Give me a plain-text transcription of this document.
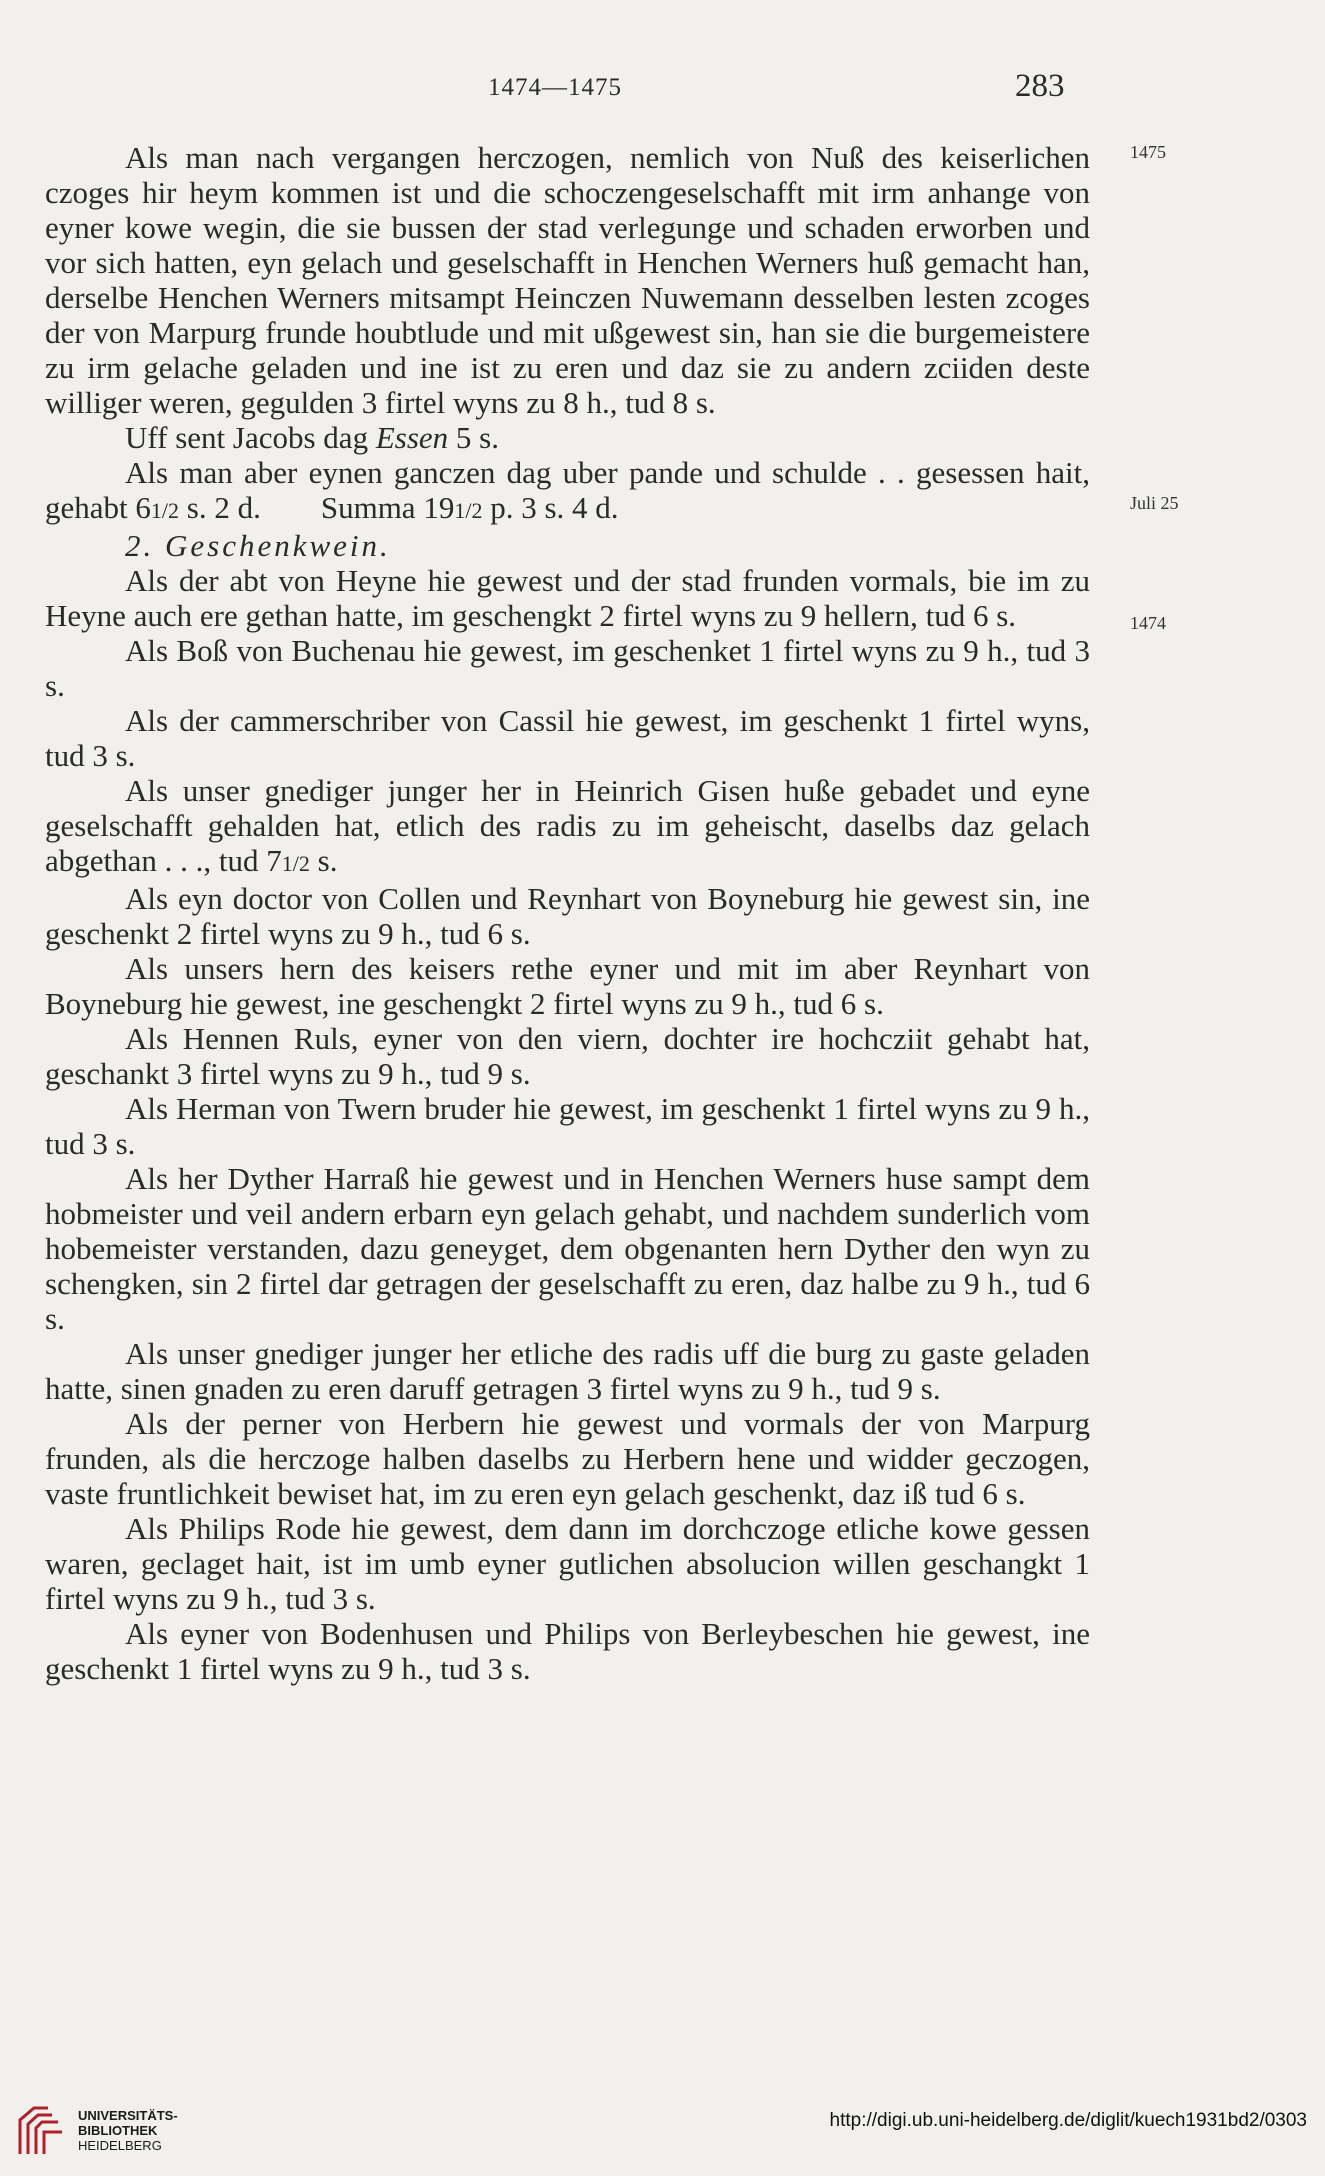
1474—1475	283
1475
Juli 25
1474

Als man nach vergangen herczogen, nemlich von Nuß des keiserlichen czoges hir heym kommen ist und die schoczengeselschafft mit irm anhange von eyner kowe wegin, die sie bussen der stad verlegunge und schaden erworben und vor sich hatten, eyn gelach und geselschafft in Henchen Werners huß gemacht han, derselbe Henchen Werners mitsampt Heinczen Nuwemann desselben lesten zcoges der von Marpurg frunde houbtlude und mit ußgewest sin, han sie die burgemeistere zu irm gelache geladen und ine ist zu eren und daz sie zu andern zciiden deste williger weren, gegulden 3 firtel wyns zu 8 h., tud 8 s.

Uff sent Jacobs dag Essen 5 s.

Als man aber eynen ganczen dag uber pande und schulde . . gesessen hait, gehabt 61/2 s. 2 d. Summa 191/2 p. 3 s. 4 d.

2. Geschenkwein.

Als der abt von Heyne hie gewest und der stad frunden vormals, bie im zu Heyne auch ere gethan hatte, im geschengkt 2 firtel wyns zu 9 hellern, tud 6 s.

Als Boß von Buchenau hie gewest, im geschenket 1 firtel wyns zu 9 h., tud 3 s.

Als der cammerschriber von Cassil hie gewest, im geschenkt 1 firtel wyns, tud 3 s.

Als unser gnediger junger her in Heinrich Gisen huße gebadet und eyne geselschafft gehalden hat, etlich des radis zu im geheischt, daselbs daz gelach abgethan . . ., tud 71/2 s.

Als eyn doctor von Collen und Reynhart von Boyneburg hie gewest sin, ine geschenkt 2 firtel wyns zu 9 h., tud 6 s.

Als unsers hern des keisers rethe eyner und mit im aber Reynhart von Boyneburg hie gewest, ine geschengkt 2 firtel wyns zu 9 h., tud 6 s.

Als Hennen Ruls, eyner von den viern, dochter ire hochcziit gehabt hat, geschankt 3 firtel wyns zu 9 h., tud 9 s.

Als Herman von Twern bruder hie gewest, im geschenkt 1 firtel wyns zu 9 h., tud 3 s.

Als her Dyther Harraß hie gewest und in Henchen Werners huse sampt dem hobmeister und veil andern erbarn eyn gelach gehabt, und nachdem sunderlich vom hobemeister verstanden, dazu geneyget, dem obgenanten hern Dyther den wyn zu schengken, sin 2 firtel dar getragen der geselschafft zu eren, daz halbe zu 9 h., tud 6 s.

Als unser gnediger junger her etliche des radis uff die burg zu gaste geladen hatte, sinen gnaden zu eren daruff getragen 3 firtel wyns zu 9 h., tud 9 s.

Als der perner von Herbern hie gewest und vormals der von Marpurg frunden, als die herczoge halben daselbs zu Herbern hene und widder geczogen, vaste fruntlichkeit bewiset hat, im zu eren eyn gelach geschenkt, daz iß tud 6 s.

Als Philips Rode hie gewest, dem dann im dorchczoge etliche kowe gessen waren, geclaget hait, ist im umb eyner gutlichen absolucion willen geschangkt 1 firtel wyns zu 9 h., tud 3 s.

Als eyner von Bodenhusen und Philips von Berleybeschen hie gewest, ine geschenkt 1 firtel wyns zu 9 h., tud 3 s.

UNIVERSITÄTS-
BIBLIOTHEK
HEIDELBERG
http://digi.ub.uni-heidelberg.de/diglit/kuech1931bd2/0303
